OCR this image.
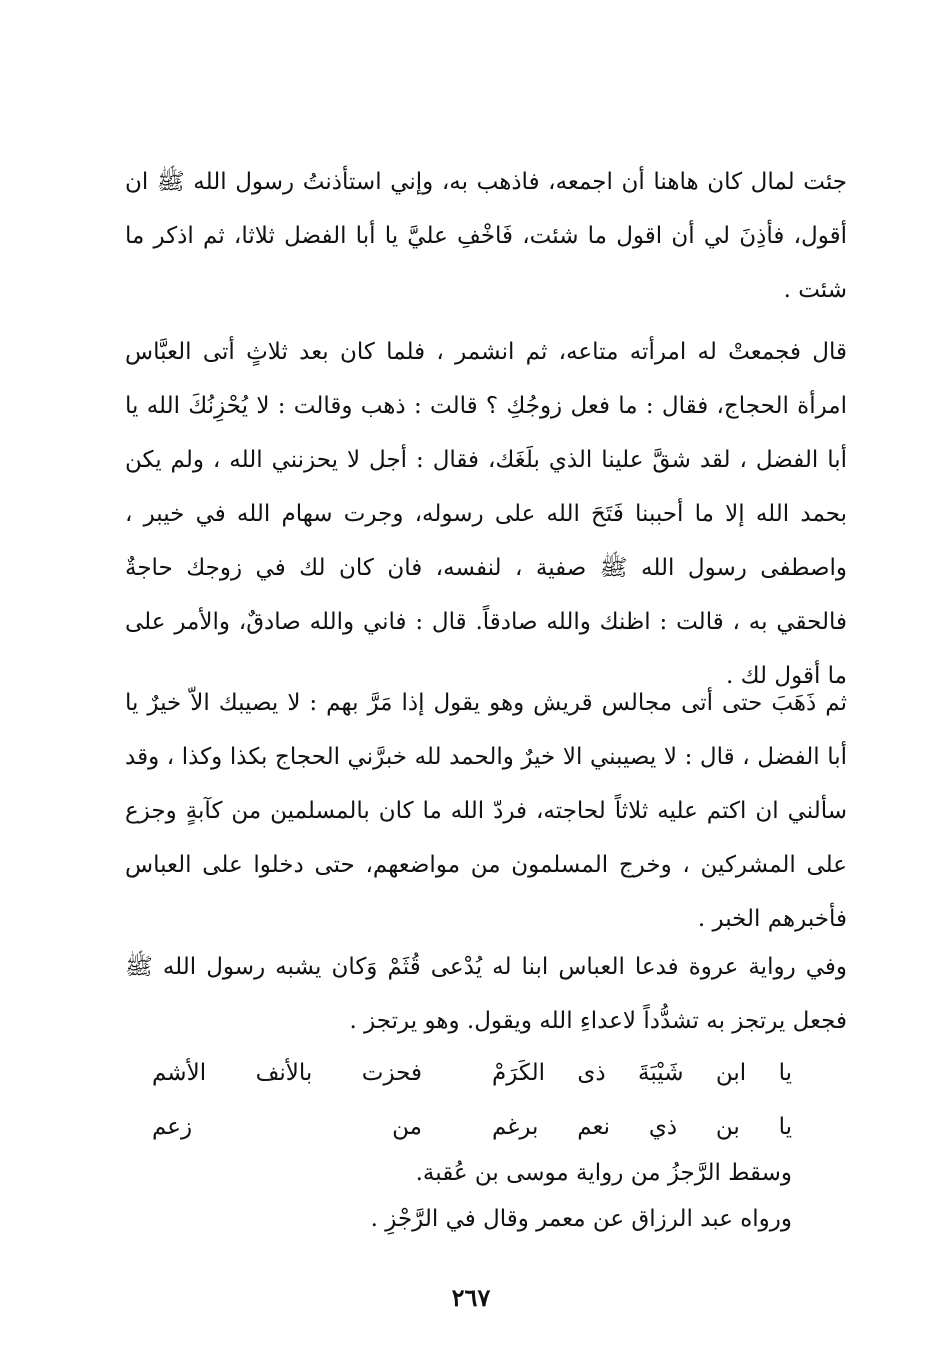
جئت لمال كان هاهنا أن اجمعه، فاذهب به، وإني استأذنتُ رسول الله ﷺ ان أقول، فأذِنَ لي أن اقول ما شئت، فَاخْفِ عليَّ يا أبا الفضل ثلاثا، ثم اذكر ما شئت .

قال فجمعتْ له امرأته متاعه، ثم انشمر ، فلما كان بعد ثلاثٍ أتى العبَّاس امرأة الحجاج، فقال : ما فعل زوجُكِ ؟ قالت : ذهب وقالت : لا يُحْزِنُكَ الله يا أبا الفضل ، لقد شقَّ علينا الذي بلَغَك، فقال : أجل لا يحزنني الله ، ولم يكن بحمد الله إلا ما أحببنا فَتَحَ الله على رسوله، وجرت سهام الله في خيبر ، واصطفى رسول الله ﷺ صفية ، لنفسه، فان كان لك في زوجك حاجةٌ فالحقي به ، قالت : اظنك والله صادقاً. قال : فاني والله صادقٌ، والأمر على ما أقول لك .

ثم ذَهَبَ حتى أتى مجالس قريش وهو يقول إذا مَرَّ بهم : لا يصيبك الاّ خيرٌ يا أبا الفضل ، قال : لا يصيبني الا خيرٌ والحمد لله خبرَّني الحجاج بكذا وكذا ، وقد سألني ان اكتم عليه ثلاثاً لحاجته، فردّ الله ما كان بالمسلمين من كآبةٍ وجزع على المشركين ، وخرج المسلمون من مواضعهم، حتى دخلوا على العباس فأخبرهم الخبر .

وفي رواية عروة فدعا العباس ابنا له يُدْعى قُثَمْ وَكان يشبه رسول الله ﷺ فجعل يرتجز به تشدُّداً لاعداءِ الله ويقول. وهو يرتجز .

يا ابن شَيْبَةَ ذى الكَرَمْ
فحزت بالأنف الأشم
يا بن ذي نعم برغم
من زعم

وسقط الرَّجزُ من رواية موسى بن عُقبة.

ورواه عبد الرزاق عن معمر وقال في الرَّجْزِ .

٢٦٧
